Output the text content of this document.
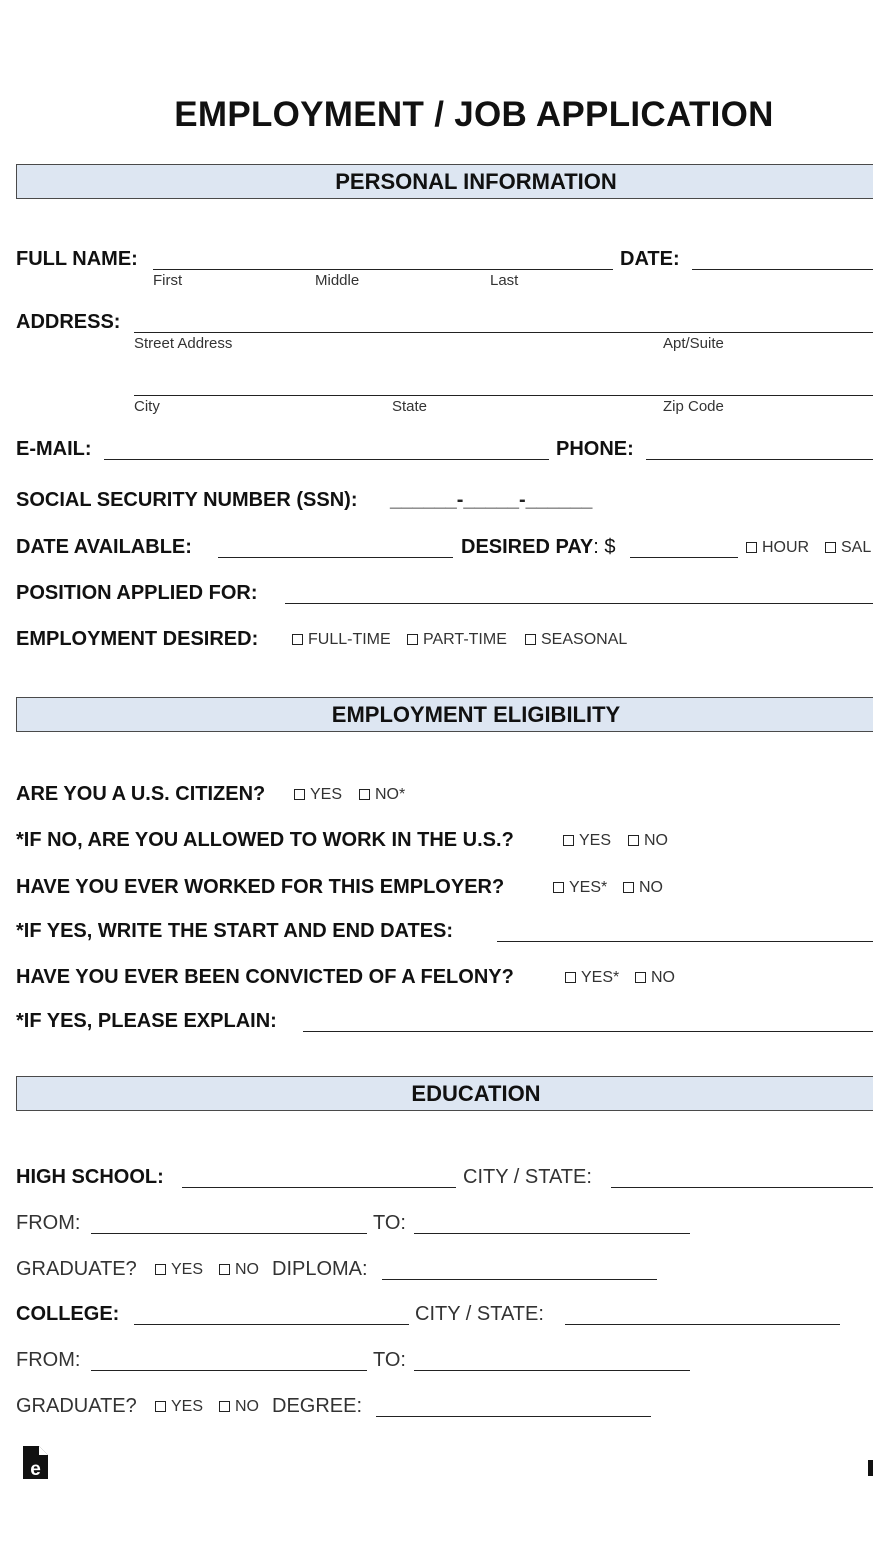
EMPLOYMENT / JOB APPLICATION
PERSONAL INFORMATION
FULL NAME:
First	Middle	Last
DATE:
ADDRESS:
Street Address	Apt/Suite
City	State	Zip Code
E-MAIL:	PHONE:
SOCIAL SECURITY NUMBER (SSN): ______-_____-______
DATE AVAILABLE:	DESIRED PAY: $	HOUR	SAL
POSITION APPLIED FOR:
EMPLOYMENT DESIRED:	FULL-TIME	PART-TIME	SEASONAL
EMPLOYMENT ELIGIBILITY
ARE YOU A U.S. CITIZEN?	YES	NO*
*IF NO, ARE YOU ALLOWED TO WORK IN THE U.S.?	YES	NO
HAVE YOU EVER WORKED FOR THIS EMPLOYER?	YES*	NO
*IF YES, WRITE THE START AND END DATES:
HAVE YOU EVER BEEN CONVICTED OF A FELONY?	YES*	NO
*IF YES, PLEASE EXPLAIN:
EDUCATION
HIGH SCHOOL:	CITY / STATE:
FROM:	TO:
GRADUATE?	YES	NO DIPLOMA:
COLLEGE:	CITY / STATE:
FROM:	TO:
GRADUATE?	YES	NO DEGREE:
e
